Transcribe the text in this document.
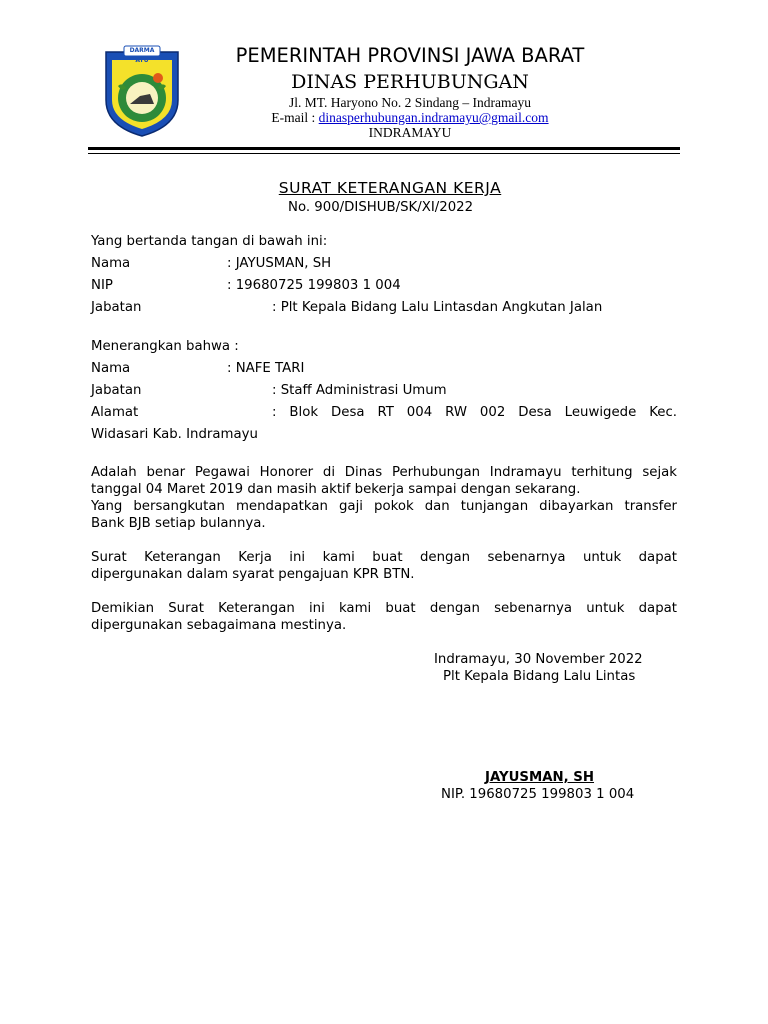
DARMA AYU	PEMERINTAH PROVINSI JAWA BARAT
DINAS PERHUBUNGAN
Jl. MT. Haryono No. 2 Sindang – Indramayu
E-mail : dinasperhubungan.indramayu@gmail.com
INDRAMAYU
SURAT KETERANGAN KERJA
No. 900/DISHUB/SK/XI/2022
Yang bertanda tangan di bawah ini:
Nama	: JAYUSMAN, SH
NIP	: 19680725 199803 1 004
Jabatan	: Plt Kepala Bidang Lalu Lintasdan Angkutan Jalan
Menerangkan bahwa :
Nama	: NAFE TARI
Jabatan	: Staff Administrasi Umum
Alamat	:  Blok  Desa  RT  004  RW  002  Desa  Leuwigede  Kec.
Widasari Kab. Indramayu
Adalah benar Pegawai Honorer di Dinas Perhubungan Indramayu terhitung sejak
tanggal 04 Maret 2019 dan masih aktif bekerja sampai dengan sekarang.
Yang bersangkutan mendapatkan gaji pokok dan tunjangan dibayarkan transfer
Bank BJB setiap bulannya.
Surat Keterangan Kerja ini kami buat dengan sebenarnya untuk dapat
dipergunakan dalam syarat pengajuan KPR BTN.
Demikian Surat Keterangan ini kami buat dengan sebenarnya untuk dapat
dipergunakan sebagaimana mestinya.
Indramayu, 30 November 2022
Plt Kepala Bidang Lalu Lintas
JAYUSMAN, SH
NIP. 19680725 199803 1 004
